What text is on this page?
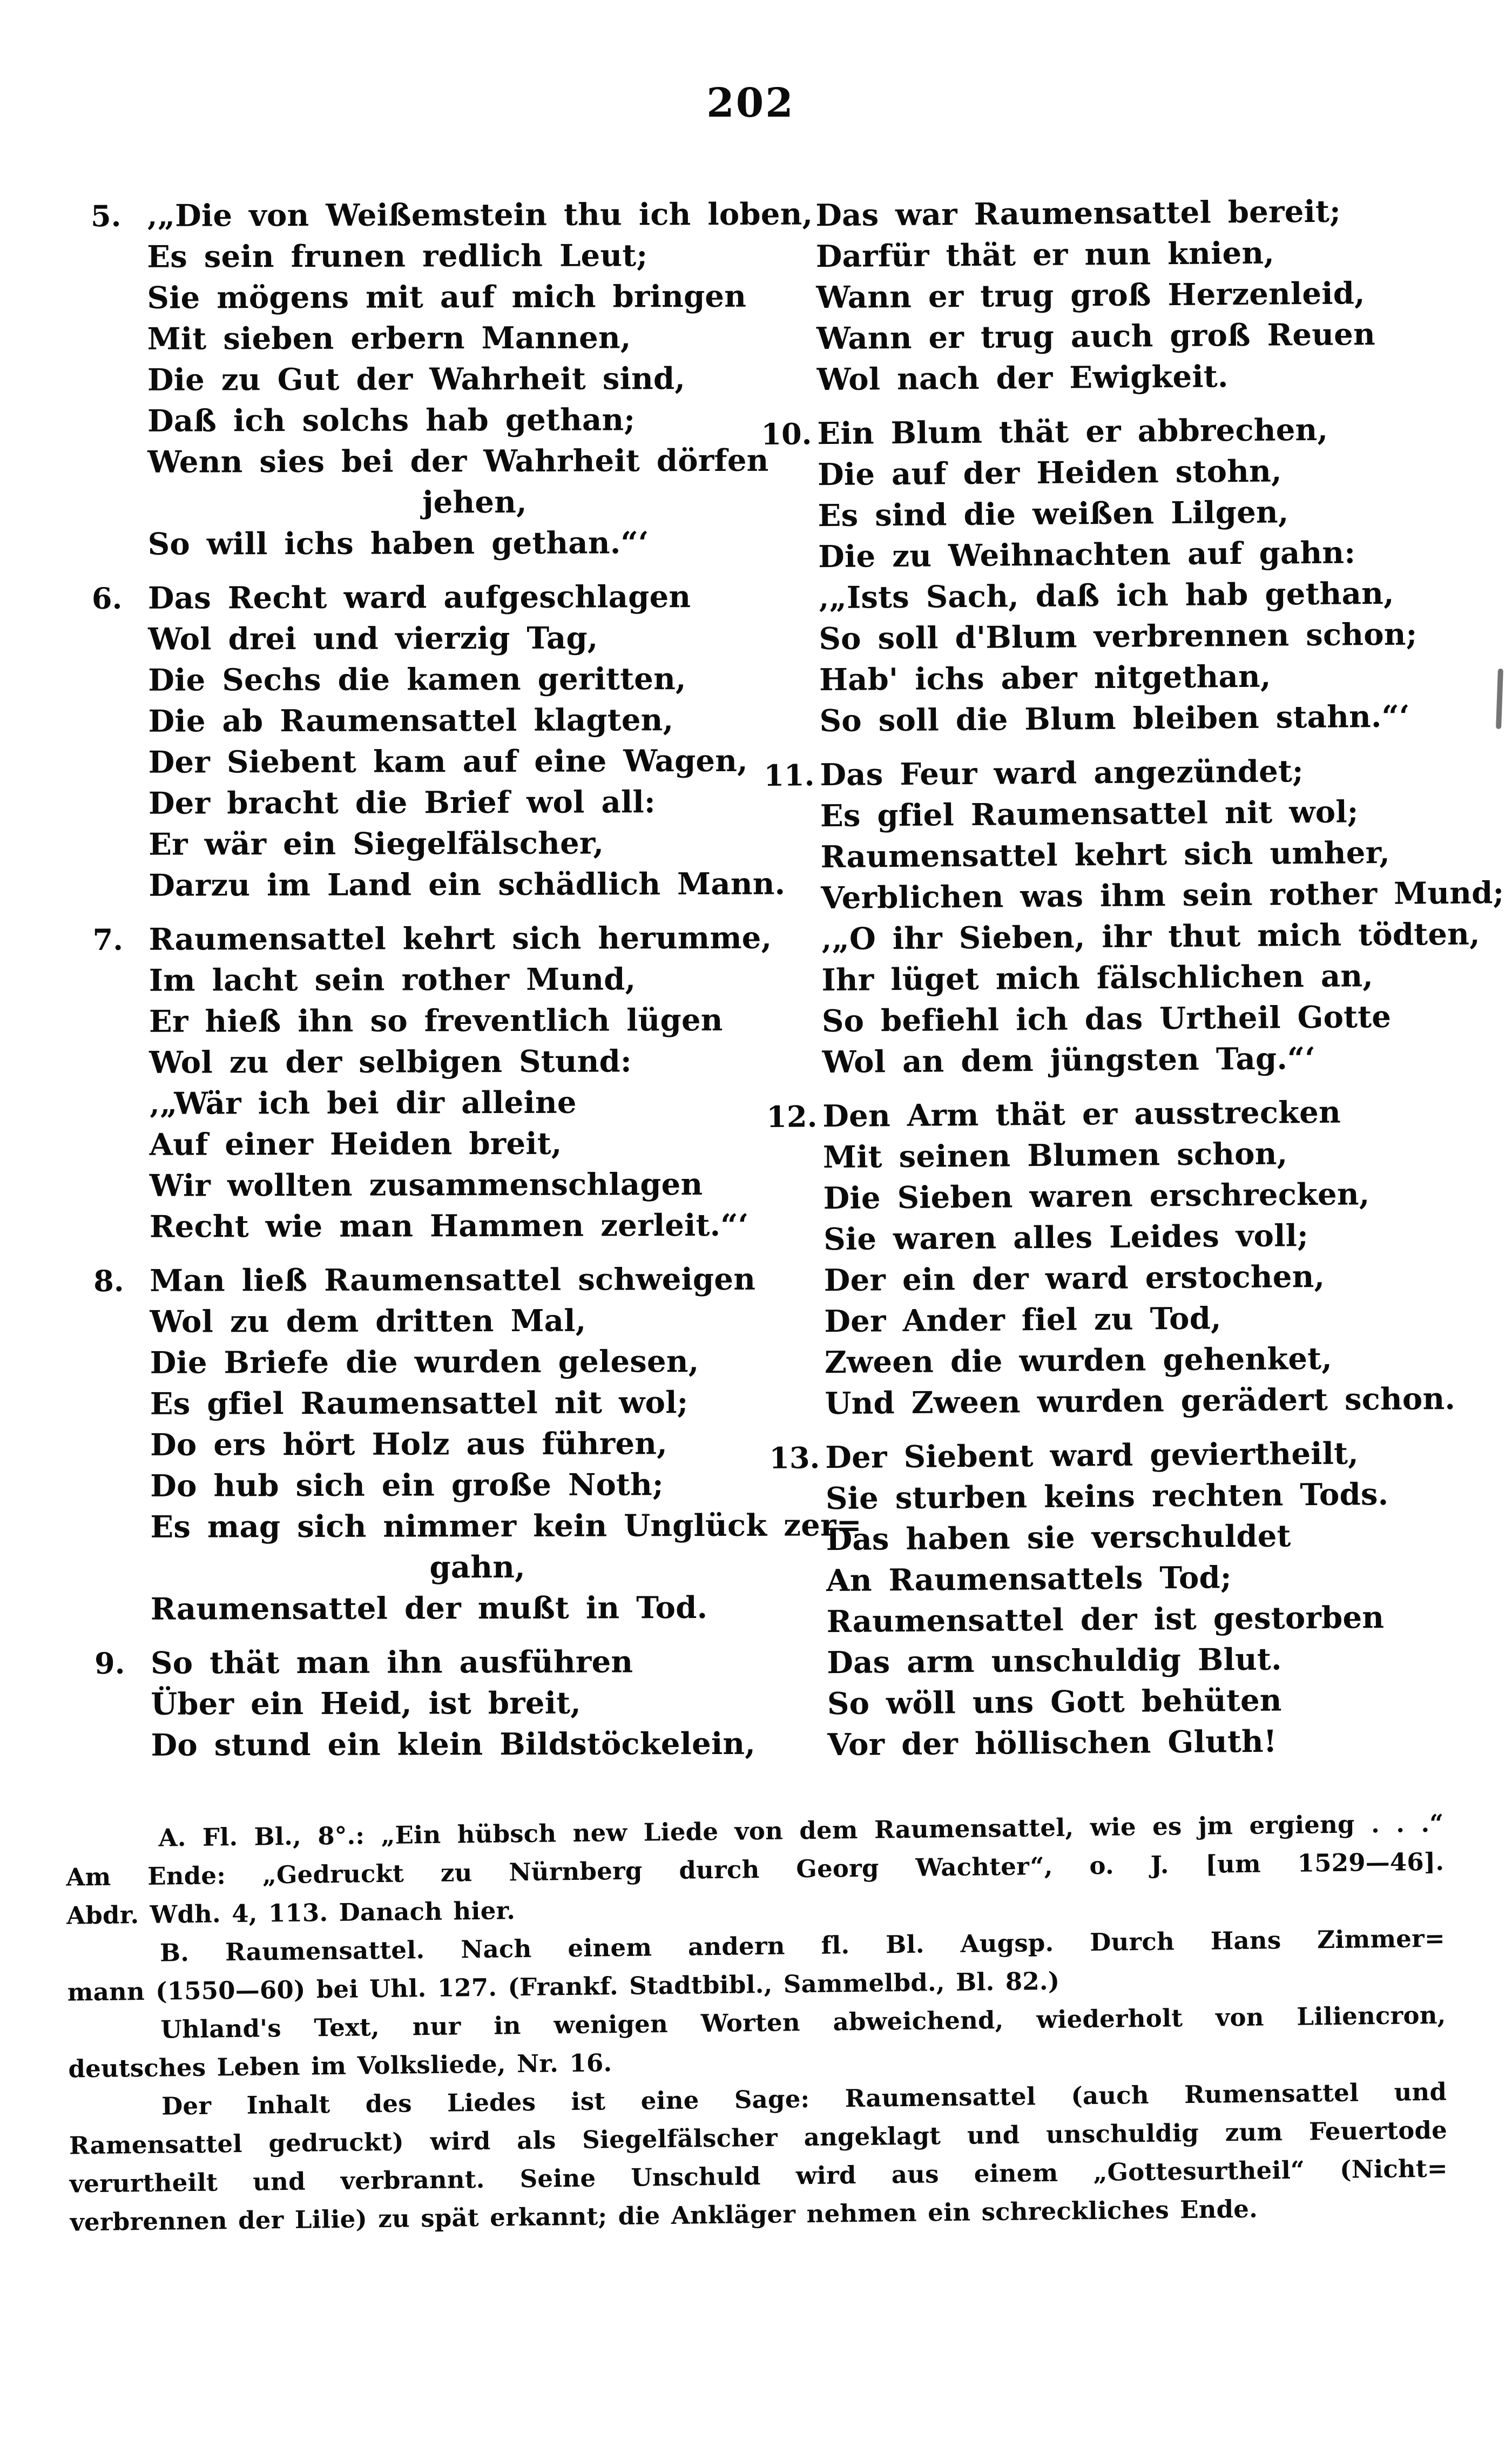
202
5. ‚„Die von Weißemstein thu ich loben,

Es sein frunen redlich Leut;

Sie mögens mit auf mich bringen

Mit sieben erbern Mannen,

Die zu Gut der Wahrheit sind,

Daß ich solchs hab gethan;

Wenn sies bei der Wahrheit dörfen

jehen,

So will ichs haben gethan.“‘

6. Das Recht ward aufgeschlagen

Wol drei und vierzig Tag,

Die Sechs die kamen geritten,

Die ab Raumensattel klagten,

Der Siebent kam auf eine Wagen,

Der bracht die Brief wol all:

Er wär ein Siegelfälscher,

Darzu im Land ein schädlich Mann.

7. Raumensattel kehrt sich herumme,

Im lacht sein rother Mund,

Er hieß ihn so freventlich lügen

Wol zu der selbigen Stund:

‚„Wär ich bei dir alleine

Auf einer Heiden breit,

Wir wollten zusammenschlagen

Recht wie man Hammen zerleit.“‘

8. Man ließ Raumensattel schweigen

Wol zu dem dritten Mal,

Die Briefe die wurden gelesen,

Es gfiel Raumensattel nit wol;

Do ers hört Holz aus führen,

Do hub sich ein große Noth;

Es mag sich nimmer kein Unglück zer=

gahn,

Raumensattel der mußt in Tod.

9. So thät man ihn ausführen

Über ein Heid, ist breit,

Do stund ein klein Bildstöckelein,

Das war Raumensattel bereit;

Darfür thät er nun knien,

Wann er trug groß Herzenleid,

Wann er trug auch groß Reuen

Wol nach der Ewigkeit.

10. Ein Blum thät er abbrechen,

Die auf der Heiden stohn,

Es sind die weißen Lilgen,

Die zu Weihnachten auf gahn:

‚„Ists Sach, daß ich hab gethan,

So soll d'Blum verbrennen schon;

Hab' ichs aber nitgethan,

So soll die Blum bleiben stahn.“‘

11. Das Feur ward angezündet;

Es gfiel Raumensattel nit wol;

Raumensattel kehrt sich umher,

Verblichen was ihm sein rother Mund;

‚„O ihr Sieben, ihr thut mich tödten,

Ihr lüget mich fälschlichen an,

So befiehl ich das Urtheil Gotte

Wol an dem jüngsten Tag.“‘

12. Den Arm thät er ausstrecken

Mit seinen Blumen schon,

Die Sieben waren erschrecken,

Sie waren alles Leides voll;

Der ein der ward erstochen,

Der Ander fiel zu Tod,

Zween die wurden gehenket,

Und Zween wurden gerädert schon.

13. Der Siebent ward geviertheilt,

Sie sturben keins rechten Tods.

Das haben sie verschuldet

An Raumensattels Tod;

Raumensattel der ist gestorben

Das arm unschuldig Blut.

So wöll uns Gott behüten

Vor der höllischen Gluth!

A. Fl. Bl., 8°.: „Ein hübsch new Liede von dem Raumensattel, wie es jm ergieng . . .“

Am Ende: „Gedruckt zu Nürnberg durch Georg Wachter“, o. J. [um 1529—46].

Abdr. Wdh. 4, 113. Danach hier.

B. Raumensattel. Nach einem andern fl. Bl. Augsp. Durch Hans Zimmer=

mann (1550—60) bei Uhl. 127. (Frankf. Stadtbibl., Sammelbd., Bl. 82.)

Uhland's Text, nur in wenigen Worten abweichend, wiederholt von Liliencron,

deutsches Leben im Volksliede, Nr. 16.

Der Inhalt des Liedes ist eine Sage: Raumensattel (auch Rumensattel und

Ramensattel gedruckt) wird als Siegelfälscher angeklagt und unschuldig zum Feuertode

verurtheilt und verbrannt. Seine Unschuld wird aus einem „Gottesurtheil“ (Nicht=

verbrennen der Lilie) zu spät erkannt; die Ankläger nehmen ein schreckliches Ende.
